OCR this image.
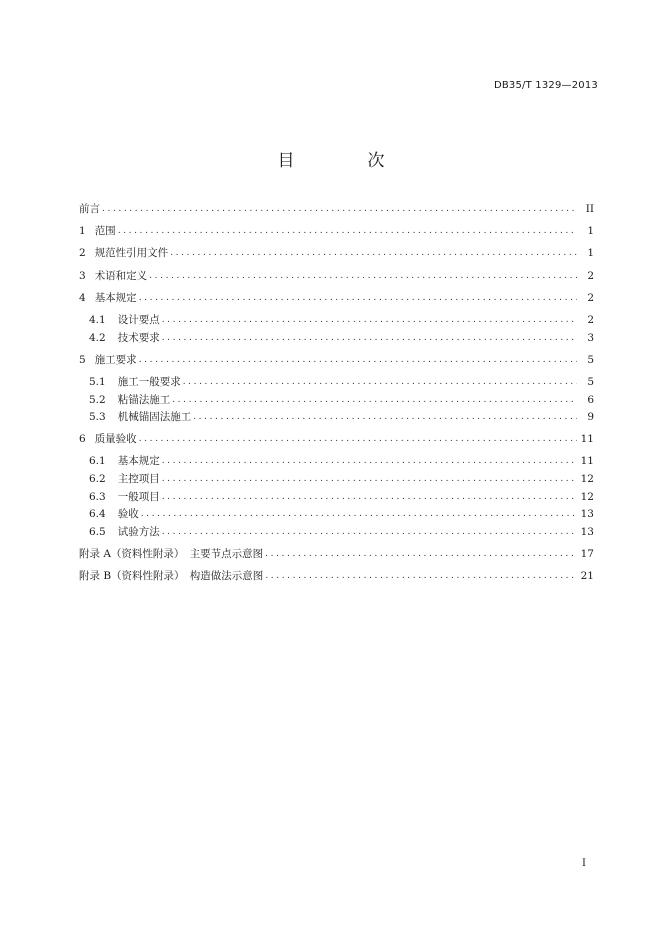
DB35/T 1329—2013
目　次
前言 .....	II
1 范围 .....	1
2 规范性引用文件 .....	1
3 术语和定义 .....	2
4 基本规定 .....	2
4.1 设计要点 .....	2
4.2 技术要求 .....	3
5 施工要求 .....	5
5.1 施工一般要求 .....	5
5.2 粘锚法施工 .....	6
5.3 机械锚固法施工 .....	9
6 质量验收 .....	11
6.1 基本规定 .....	11
6.2 主控项目 .....	12
6.3 一般项目 .....	12
6.4 验收 .....	13
6.5 试验方法 .....	13
附录 A（资料性附录）　主要节点示意图 .....	17
附录 B（资料性附录）　构造做法示意图 .....	21
I
